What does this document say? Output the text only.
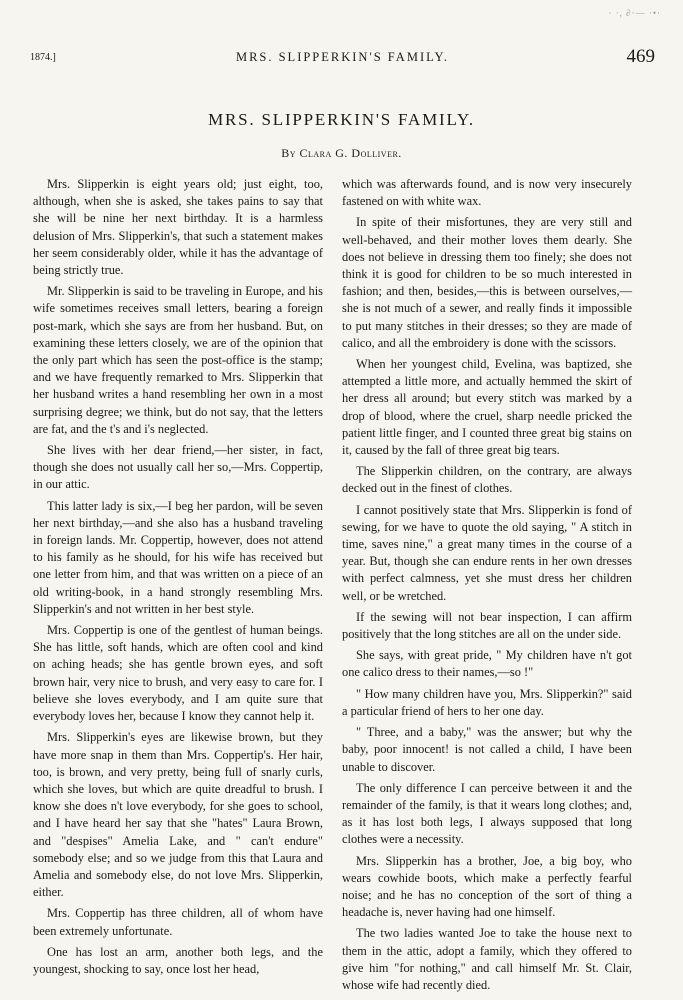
· ·, ∂·— ·•·
1874.]	MRS. SLIPPERKIN'S FAMILY.	469
MRS. SLIPPERKIN'S FAMILY.
By Clara G. Dolliver.

Mrs. Slipperkin is eight years old; just eight, too, although, when she is asked, she takes pains to say that she will be nine her next birthday. It is a harmless delusion of Mrs. Slipperkin's, that such a statement makes her seem considerably older, while it has the advantage of being strictly true.

Mr. Slipperkin is said to be traveling in Europe, and his wife sometimes receives small letters, bearing a foreign post-mark, which she says are from her husband. But, on examining these letters closely, we are of the opinion that the only part which has seen the post-office is the stamp; and we have frequently remarked to Mrs. Slipperkin that her husband writes a hand resembling her own in a most surprising degree; we think, but do not say, that the letters are fat, and the t's and i's neglected.

She lives with her dear friend,—her sister, in fact, though she does not usually call her so,—Mrs. Coppertip, in our attic.

This latter lady is six,—I beg her pardon, will be seven her next birthday,—and she also has a husband traveling in foreign lands. Mr. Coppertip, however, does not attend to his family as he should, for his wife has received but one letter from him, and that was written on a piece of an old writing-book, in a hand strongly resembling Mrs. Slipperkin's and not written in her best style.

Mrs. Coppertip is one of the gentlest of human beings. She has little, soft hands, which are often cool and kind on aching heads; she has gentle brown eyes, and soft brown hair, very nice to brush, and very easy to care for. I believe she loves everybody, and I am quite sure that everybody loves her, because I know they cannot help it.

Mrs. Slipperkin's eyes are likewise brown, but they have more snap in them than Mrs. Coppertip's. Her hair, too, is brown, and very pretty, being full of snarly curls, which she loves, but which are quite dreadful to brush. I know she does n't love everybody, for she goes to school, and I have heard her say that she "hates" Laura Brown, and "despises" Amelia Lake, and " can't endure" somebody else; and so we judge from this that Laura and Amelia and somebody else, do not love Mrs. Slipperkin, either.

Mrs. Coppertip has three children, all of whom have been extremely unfortunate.

One has lost an arm, another both legs, and the youngest, shocking to say, once lost her head,

which was afterwards found, and is now very insecurely fastened on with white wax.

In spite of their misfortunes, they are very still and well-behaved, and their mother loves them dearly. She does not believe in dressing them too finely; she does not think it is good for children to be so much interested in fashion; and then, besides,—this is between ourselves,—she is not much of a sewer, and really finds it impossible to put many stitches in their dresses; so they are made of calico, and all the embroidery is done with the scissors.

When her youngest child, Evelina, was baptized, she attempted a little more, and actually hemmed the skirt of her dress all around; but every stitch was marked by a drop of blood, where the cruel, sharp needle pricked the patient little finger, and I counted three great big stains on it, caused by the fall of three great big tears.

The Slipperkin children, on the contrary, are always decked out in the finest of clothes.

I cannot positively state that Mrs. Slipperkin is fond of sewing, for we have to quote the old saying, " A stitch in time, saves nine," a great many times in the course of a year. But, though she can endure rents in her own dresses with perfect calmness, yet she must dress her children well, or be wretched.

If the sewing will not bear inspection, I can affirm positively that the long stitches are all on the under side.

She says, with great pride, " My children have n't got one calico dress to their names,—so !"

" How many children have you, Mrs. Slipperkin?" said a particular friend of hers to her one day.

" Three, and a baby," was the answer; but why the baby, poor innocent! is not called a child, I have been unable to discover.

The only difference I can perceive between it and the remainder of the family, is that it wears long clothes; and, as it has lost both legs, I always supposed that long clothes were a necessity.

Mrs. Slipperkin has a brother, Joe, a big boy, who wears cowhide boots, which make a perfectly fearful noise; and he has no conception of the sort of thing a headache is, never having had one himself.

The two ladies wanted Joe to take the house next to them in the attic, adopt a family, which they offered to give him "for nothing," and call himself Mr. St. Clair, whose wife had recently died.
